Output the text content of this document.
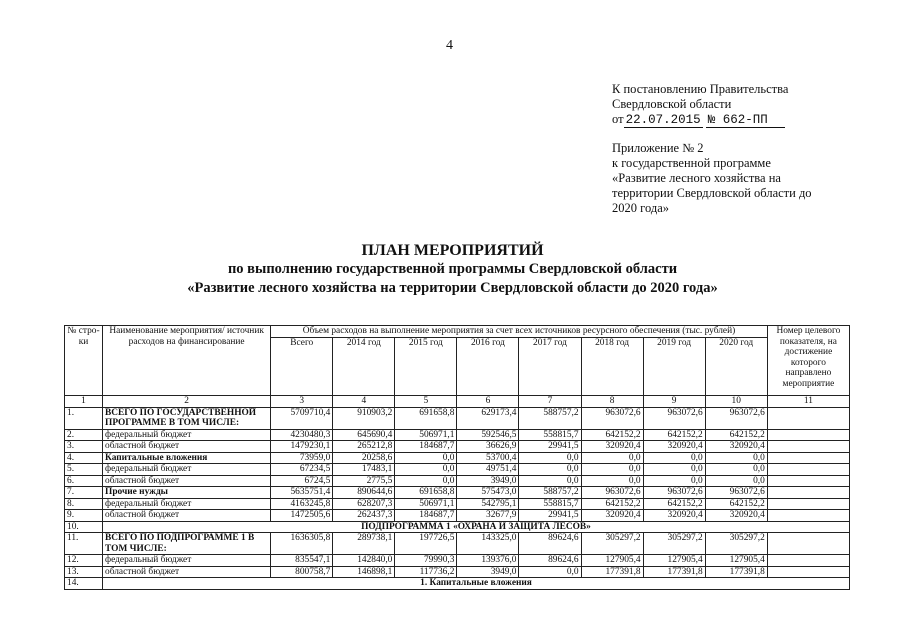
4
К постановлению Правительства
Свердловской области
от 22.07.2015 № 662-ПП
Приложение № 2
к государственной программе
«Развитие лесного хозяйства на
территории Свердловской области до
2020 года»
ПЛАН МЕРОПРИЯТИЙ
по выполнению государственной программы Свердловской области
«Развитие лесного хозяйства на территории Свердловской области до 2020 года»
№ стро-ки	Наименование мероприятия/ источник расходов на финансирование	Объем расходов на выполнение мероприятия за счет всех источников ресурсного обеспечения (тыс. рублей)								Номер целевого показателя, на достижение которого направлено мероприятие
		Всего	2014 год	2015 год	2016 год	2017 год	2018 год	2019 год	2020 год	
1	2	3	4	5	6	7	8	9	10	11
1.	ВСЕГО ПО ГОСУДАРСТВЕННОЙ ПРОГРАММЕ В ТОМ ЧИСЛЕ:	5709710,4	910903,2	691658,8	629173,4	588757,2	963072,6	963072,6	963072,6	
2.	федеральный бюджет	4230480,3	645690,4	506971,1	592546,5	558815,7	642152,2	642152,2	642152,2	
3.	областной бюджет	1479230,1	265212,8	184687,7	36626,9	29941,5	320920,4	320920,4	320920,4	
4.	Капитальные вложения	73959,0	20258,6	0,0	53700,4	0,0	0,0	0,0	0,0	
5.	федеральный бюджет	67234,5	17483,1	0,0	49751,4	0,0	0,0	0,0	0,0	
6.	областной бюджет	6724,5	2775,5	0,0	3949,0	0,0	0,0	0,0	0,0	
7.	Прочие нужды	5635751,4	890644,6	691658,8	575473,0	588757,2	963072,6	963072,6	963072,6	
8.	федеральный бюджет	4163245,8	628207,3	506971,1	542795,1	558815,7	642152,2	642152,2	642152,2	
9.	областной бюджет	1472505,6	262437,3	184687,7	32677,9	29941,5	320920,4	320920,4	320920,4	
10.	ПОДПРОГРАММА 1 «ОХРАНА И ЗАЩИТА ЛЕСОВ»									
11.	ВСЕГО ПО ПОДПРОГРАММЕ 1 В ТОМ ЧИСЛЕ:	1636305,8	289738,1	197726,5	143325,0	89624,6	305297,2	305297,2	305297,2	
12.	федеральный бюджет	835547,1	142840,0	79990,3	139376,0	89624,6	127905,4	127905,4	127905,4	
13.	областной бюджет	800758,7	146898,1	117736,2	3949,0	0,0	177391,8	177391,8	177391,8	
14.	1. Капитальные вложения									
